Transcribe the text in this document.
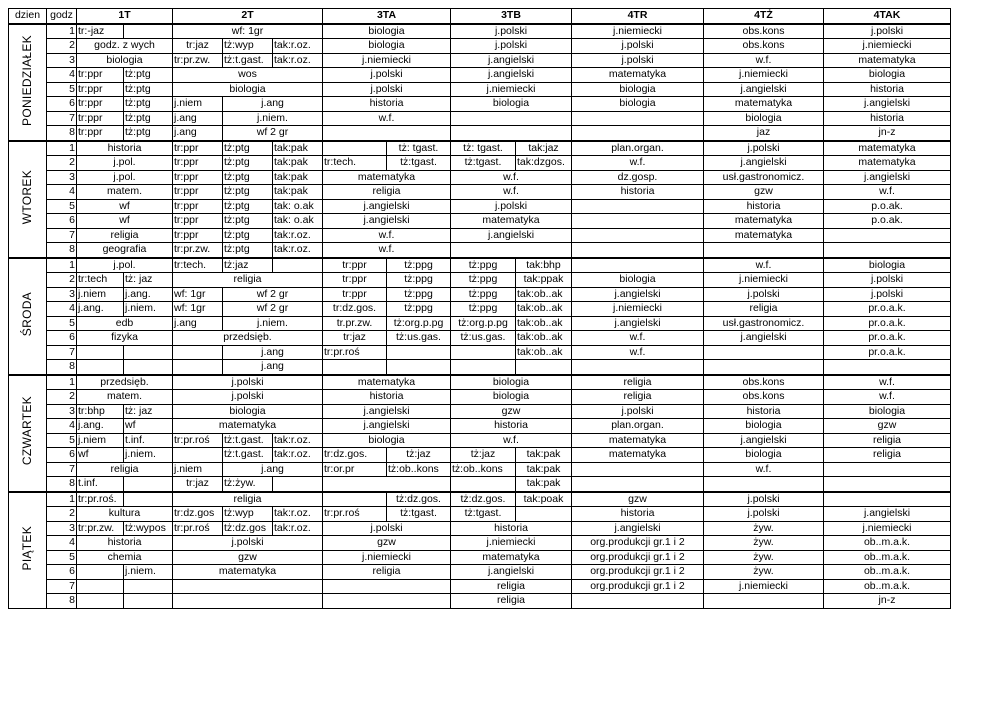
dzien	godz	1T		2T			3TA		3TB		4TR	4TŻ	4TAK
PONIEDZIAŁEK	1	tr:-jaz		wf: 1gr			biologia		j.polski		j.niemiecki	obs.kons	j.polski
	2	godz. z wych		tr:jaz	tż:wyp	tak:r.oz.	biologia		j.polski		j.polski	obs.kons	j.niemiecki
	3	biologia		tr:pr.zw.	tż:t.gast.	tak:r.oz.	j.niemiecki		j.angielski		j.polski	w.f.	matematyka
	4	tr:ppr	tż:ptg	wos			j.polski		j.angielski		matematyka	j.niemiecki	biologia
	5	tr:ppr	tż:ptg	biologia			j.polski		j.niemiecki		biologia	j.angielski	historia
	6	tr:ppr	tż:ptg	j.niem	j.ang		historia		biologia		biologia	matematyka	j.angielski
	7	tr:ppr	tż:ptg	j.ang	j.niem.		w.f.					biologia	historia
	8	tr:ppr	tż:ptg	j.ang	wf 2 gr							jaz	jn-z
WTOREK	1	historia		tr:ppr	tż:ptg	tak:pak		tż: tgast.	tż: tgast.	tak:jaz	plan.organ.	j.polski	matematyka
	2	j.pol.		tr:ppr	tż:ptg	tak:pak	tr:tech.	tż:tgast.	tż:tgast.	tak:dzgos.	w.f.	j.angielski	matematyka
	3	j.pol.		tr:ppr	tż:ptg	tak:pak	matematyka		w.f.		dz.gosp.	usł.gastronomicz.	j.angielski
	4	matem.		tr:ppr	tż:ptg	tak:pak	religia		w.f.		historia	gzw	w.f.
	5	wf		tr:ppr	tż:ptg	tak: o.ak	j.angielski		j.polski			historia	p.o.ak.
	6	wf		tr:ppr	tż:ptg	tak: o.ak	j.angielski		matematyka			matematyka	p.o.ak.
	7	religia		tr:ppr	tż:ptg	tak:r.oz.	w.f.		j.angielski			matematyka	
	8	geografia		tr:pr.zw.	tż:ptg	tak:r.oz.	w.f.						
ŚRODA	1	j.pol.		tr:tech.	tż:jaz		tr:ppr	tż:ppg	tż:ppg	tak:bhp		w.f.	biologia
	2	tr:tech	tż: jaz	religia			tr:ppr	tż:ppg	tż:ppg	tak:ppak	biologia	j.niemiecki	j.polski
	3	j.niem	j.ang.	wf: 1gr	wf 2 gr		tr:ppr	tż:ppg	tż:ppg	tak:ob..ak	j.angielski	j.polski	j.polski
	4	j.ang.	j.niem.	wf: 1gr	wf 2 gr		tr:dz.gos.	tż:ppg	tż:ppg	tak:ob..ak	j.niemiecki	religia	pr.o.a.k.
	5	edb		j.ang	j.niem.		tr.pr.zw.	tż:org.p.pg	tż:org.p.pg	tak:ob..ak	j.angielski	usł.gastronomicz.	pr.o.a.k.
	6	fizyka		przedsięb.			tr:jaz	tż:us.gas.	tż:us.gas.	tak:ob..ak	w.f.	j.angielski	pr.o.a.k.
	7				j.ang		tr:pr.roś			tak:ob..ak	w.f.		pr.o.a.k.
	8				j.ang								
CZWARTEK	1	przedsięb.		j.polski			matematyka		biologia		religia	obs.kons	w.f.
	2	matem.		j.polski			historia		biologia		religia	obs.kons	w.f.
	3	tr:bhp	tż: jaz	biologia			j.angielski		gzw		j.polski	historia	biologia
	4	j.ang.	wf	matematyka			j.angielski		historia		plan.organ.	biologia	gzw
	5	j.niem	t.inf.	tr:pr.roś	tż:t.gast.	tak:r.oz.	biologia		w.f.		matematyka	j.angielski	religia
	6	wf	j.niem.		tż:t.gast.	tak:r.oz.	tr:dz.gos.	tż:jaz	tż:jaz	tak:pak	matematyka	biologia	religia
	7	religia		j.niem	j.ang		tr:or.pr	tż:ob..kons	tż:ob..kons	tak:pak		w.f.	
	8	t.inf.		tr:jaz	tż:żyw.					tak:pak			
PIĄTEK	1	tr:pr.roś.		religia				tż:dz.gos.	tż:dz.gos.	tak:poak	gzw	j.polski	
	2	kultura		tr:dz.gos	tż:wyp	tak:r.oz.	tr:pr.roś	tż:tgast.	tż:tgast.		historia	j.polski	j.angielski
	3	tr:pr.zw.	tż:wypos	tr:pr.roś	tż:dz.gos	tak:r.oz.	j.polski		historia		j.angielski	żyw.	j.niemiecki
	4	historia		j.polski			gzw		j.niemiecki		org.produkcji gr.1 i 2	żyw.	ob..m.a.k.
	5	chemia		gzw			j.niemiecki		matematyka		org.produkcji gr.1 i 2	żyw.	ob..m.a.k.
	6		j.niem.	matematyka			religia		j.angielski		org.produkcji gr.1 i 2	żyw.	ob..m.a.k.
	7								religia		org.produkcji gr.1 i 2	j.niemiecki	ob..m.a.k.
	8								religia				jn-z
